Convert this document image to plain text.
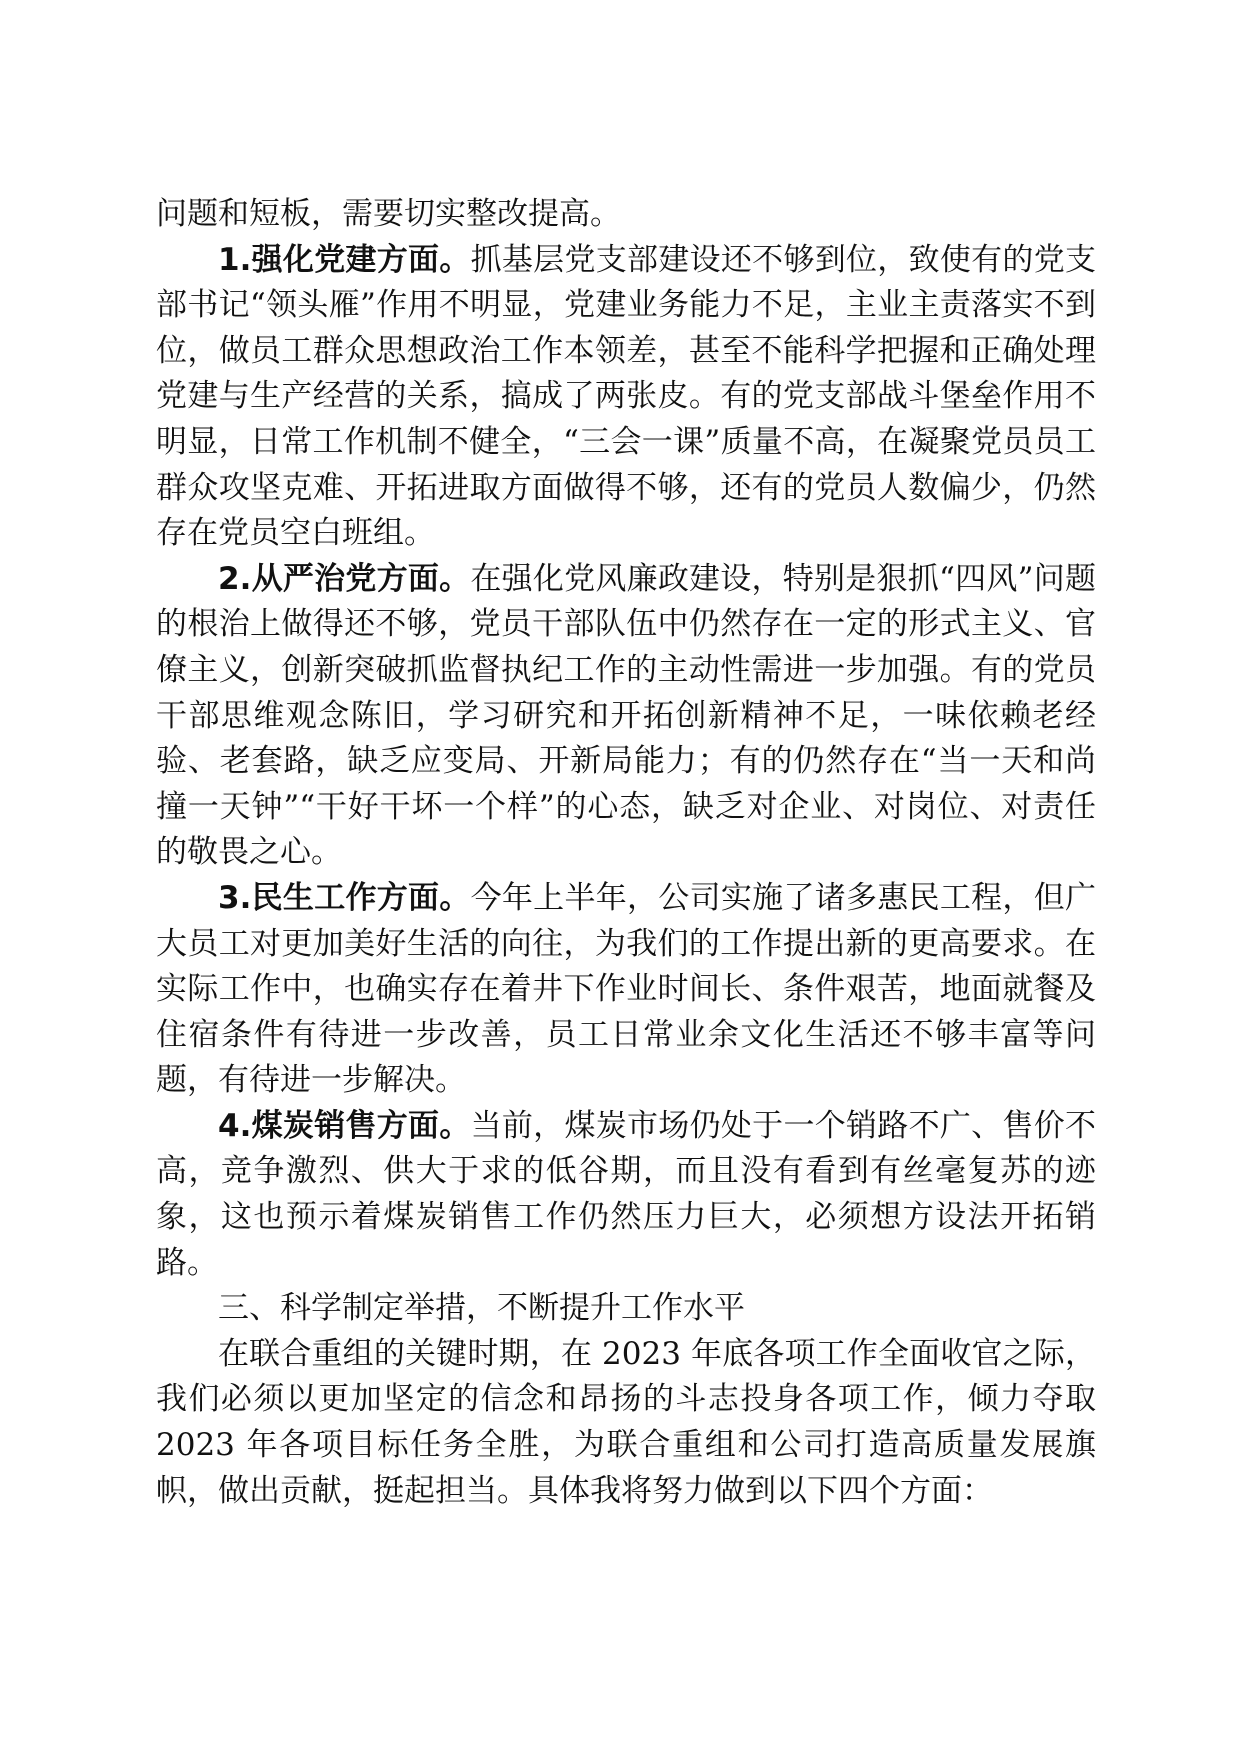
问题和短板，需要切实整改提高。

1.强化党建方面。抓基层党支部建设还不够到位，致使有的党支部书记“领头雁”作用不明显，党建业务能力不足，主业主责落实不到位，做员工群众思想政治工作本领差，甚至不能科学把握和正确处理党建与生产经营的关系，搞成了两张皮。有的党支部战斗堡垒作用不明显，日常工作机制不健全，“三会一课”质量不高，在凝聚党员员工群众攻坚克难、开拓进取方面做得不够，还有的党员人数偏少，仍然存在党员空白班组。

2.从严治党方面。在强化党风廉政建设，特别是狠抓“四风”问题的根治上做得还不够，党员干部队伍中仍然存在一定的形式主义、官僚主义，创新突破抓监督执纪工作的主动性需进一步加强。有的党员干部思维观念陈旧，学习研究和开拓创新精神不足，一味依赖老经验、老套路，缺乏应变局、开新局能力；有的仍然存在“当一天和尚撞一天钟”“干好干坏一个样”的心态，缺乏对企业、对岗位、对责任的敬畏之心。

3.民生工作方面。今年上半年，公司实施了诸多惠民工程，但广大员工对更加美好生活的向往，为我们的工作提出新的更高要求。在实际工作中，也确实存在着井下作业时间长、条件艰苦，地面就餐及住宿条件有待进一步改善，员工日常业余文化生活还不够丰富等问题，有待进一步解决。

4.煤炭销售方面。当前，煤炭市场仍处于一个销路不广、售价不高，竞争激烈、供大于求的低谷期，而且没有看到有丝毫复苏的迹象，这也预示着煤炭销售工作仍然压力巨大，必须想方设法开拓销路。

三、科学制定举措，不断提升工作水平

在联合重组的关键时期，在 2023 年底各项工作全面收官之际，我们必须以更加坚定的信念和昂扬的斗志投身各项工作，倾力夺取 2023 年各项目标任务全胜，为联合重组和公司打造高质量发展旗帜，做出贡献，挺起担当。具体我将努力做到以下四个方面：
